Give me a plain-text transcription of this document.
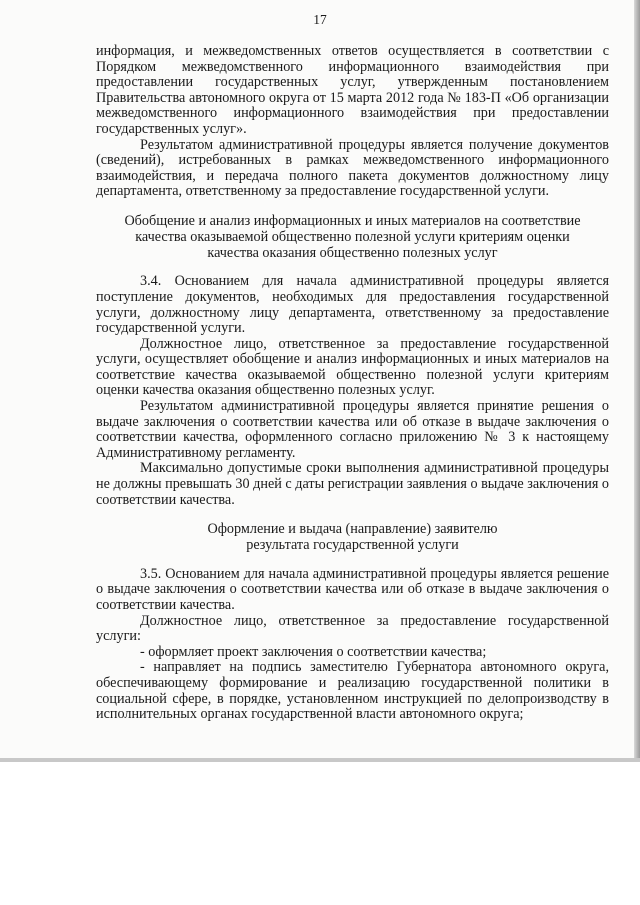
17

информация, и межведомственных ответов осуществляется в соответствии с Порядком межведомственного информационного взаимодействия при предоставлении государственных услуг, утвержденным постановлением Правительства автономного округа от 15 марта 2012 года № 183-П «Об организации межведомственного информационного взаимодействия при предоставлении государственных услуг».

Результатом административной процедуры является получение документов (сведений), истребованных в рамках межведомственного информационного взаимодействия, и передача полного пакета документов должностному лицу департамента, ответственному за предоставление государственной услуги.

Обобщение и анализ информационных и иных материалов на соответствие
качества оказываемой общественно полезной услуги критериям оценки
качества оказания общественно полезных услуг

3.4. Основанием для начала административной процедуры является поступление документов, необходимых для предоставления государственной услуги, должностному лицу департамента, ответственному за предоставление государственной услуги.

Должностное лицо, ответственное за предоставление государственной услуги, осуществляет обобщение и анализ информационных и иных материалов на соответствие качества оказываемой общественно полезной услуги критериям оценки качества оказания общественно полезных услуг.

Результатом административной процедуры является принятие решения о выдаче заключения о соответствии качества или об отказе в выдаче заключения о соответствии качества, оформленного согласно приложению № 3 к настоящему Административному регламенту.

Максимально допустимые сроки выполнения административной процедуры не должны превышать 30 дней с даты регистрации заявления о выдаче заключения о соответствии качества.

Оформление и выдача (направление) заявителю
результата государственной услуги

3.5. Основанием для начала административной процедуры является решение о выдаче заключения о соответствии качества или об отказе в выдаче заключения о соответствии качества.

Должностное лицо, ответственное за предоставление государственной услуги:

- оформляет проект заключения о соответствии качества;

- направляет на подпись заместителю Губернатора автономного округа, обеспечивающему формирование и реализацию государственной политики в социальной сфере, в порядке, установленном инструкцией по делопроизводству в исполнительных органах государственной власти автономного округа;
